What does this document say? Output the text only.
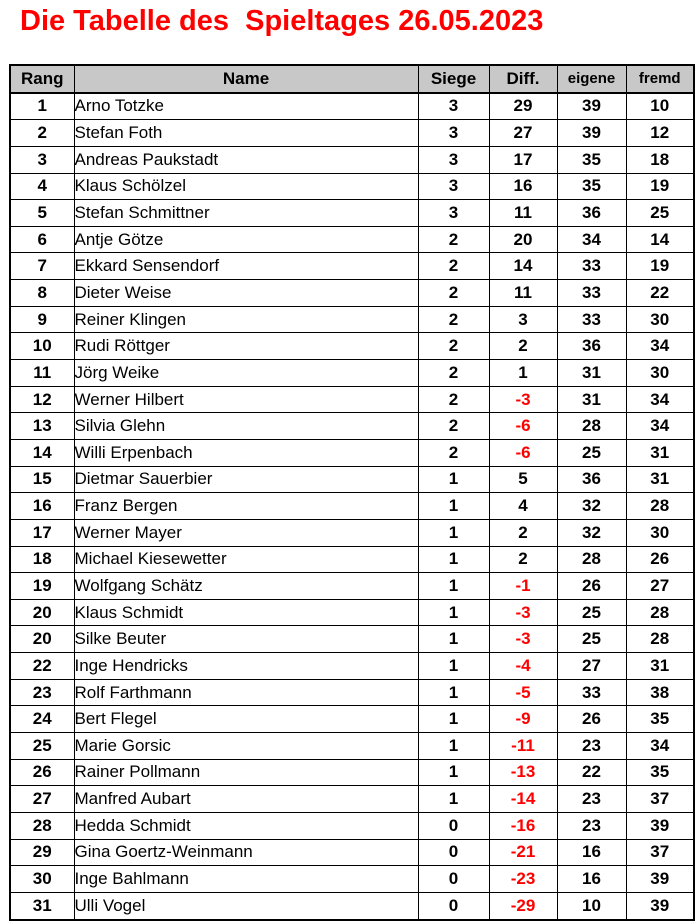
Die Tabelle des  Spieltages 26.05.2023
Rang	Name	Siege	Diff.	eigene	fremd
1	Arno Totzke	3	29	39	10
2	Stefan Foth	3	27	39	12
3	Andreas Paukstadt	3	17	35	18
4	Klaus Schölzel	3	16	35	19
5	Stefan Schmittner	3	11	36	25
6	Antje Götze	2	20	34	14
7	Ekkard Sensendorf	2	14	33	19
8	Dieter Weise	2	11	33	22
9	Reiner Klingen	2	3	33	30
10	Rudi Röttger	2	2	36	34
11	Jörg Weike	2	1	31	30
12	Werner Hilbert	2	-3	31	34
13	Silvia Glehn	2	-6	28	34
14	Willi Erpenbach	2	-6	25	31
15	Dietmar Sauerbier	1	5	36	31
16	Franz Bergen	1	4	32	28
17	Werner Mayer	1	2	32	30
18	Michael Kiesewetter	1	2	28	26
19	Wolfgang Schätz	1	-1	26	27
20	Klaus Schmidt	1	-3	25	28
20	Silke Beuter	1	-3	25	28
22	Inge Hendricks	1	-4	27	31
23	Rolf Farthmann	1	-5	33	38
24	Bert Flegel	1	-9	26	35
25	Marie Gorsic	1	-11	23	34
26	Rainer Pollmann	1	-13	22	35
27	Manfred Aubart	1	-14	23	37
28	Hedda Schmidt	0	-16	23	39
29	Gina Goertz-Weinmann	0	-21	16	37
30	Inge Bahlmann	0	-23	16	39
31	Ulli Vogel	0	-29	10	39
